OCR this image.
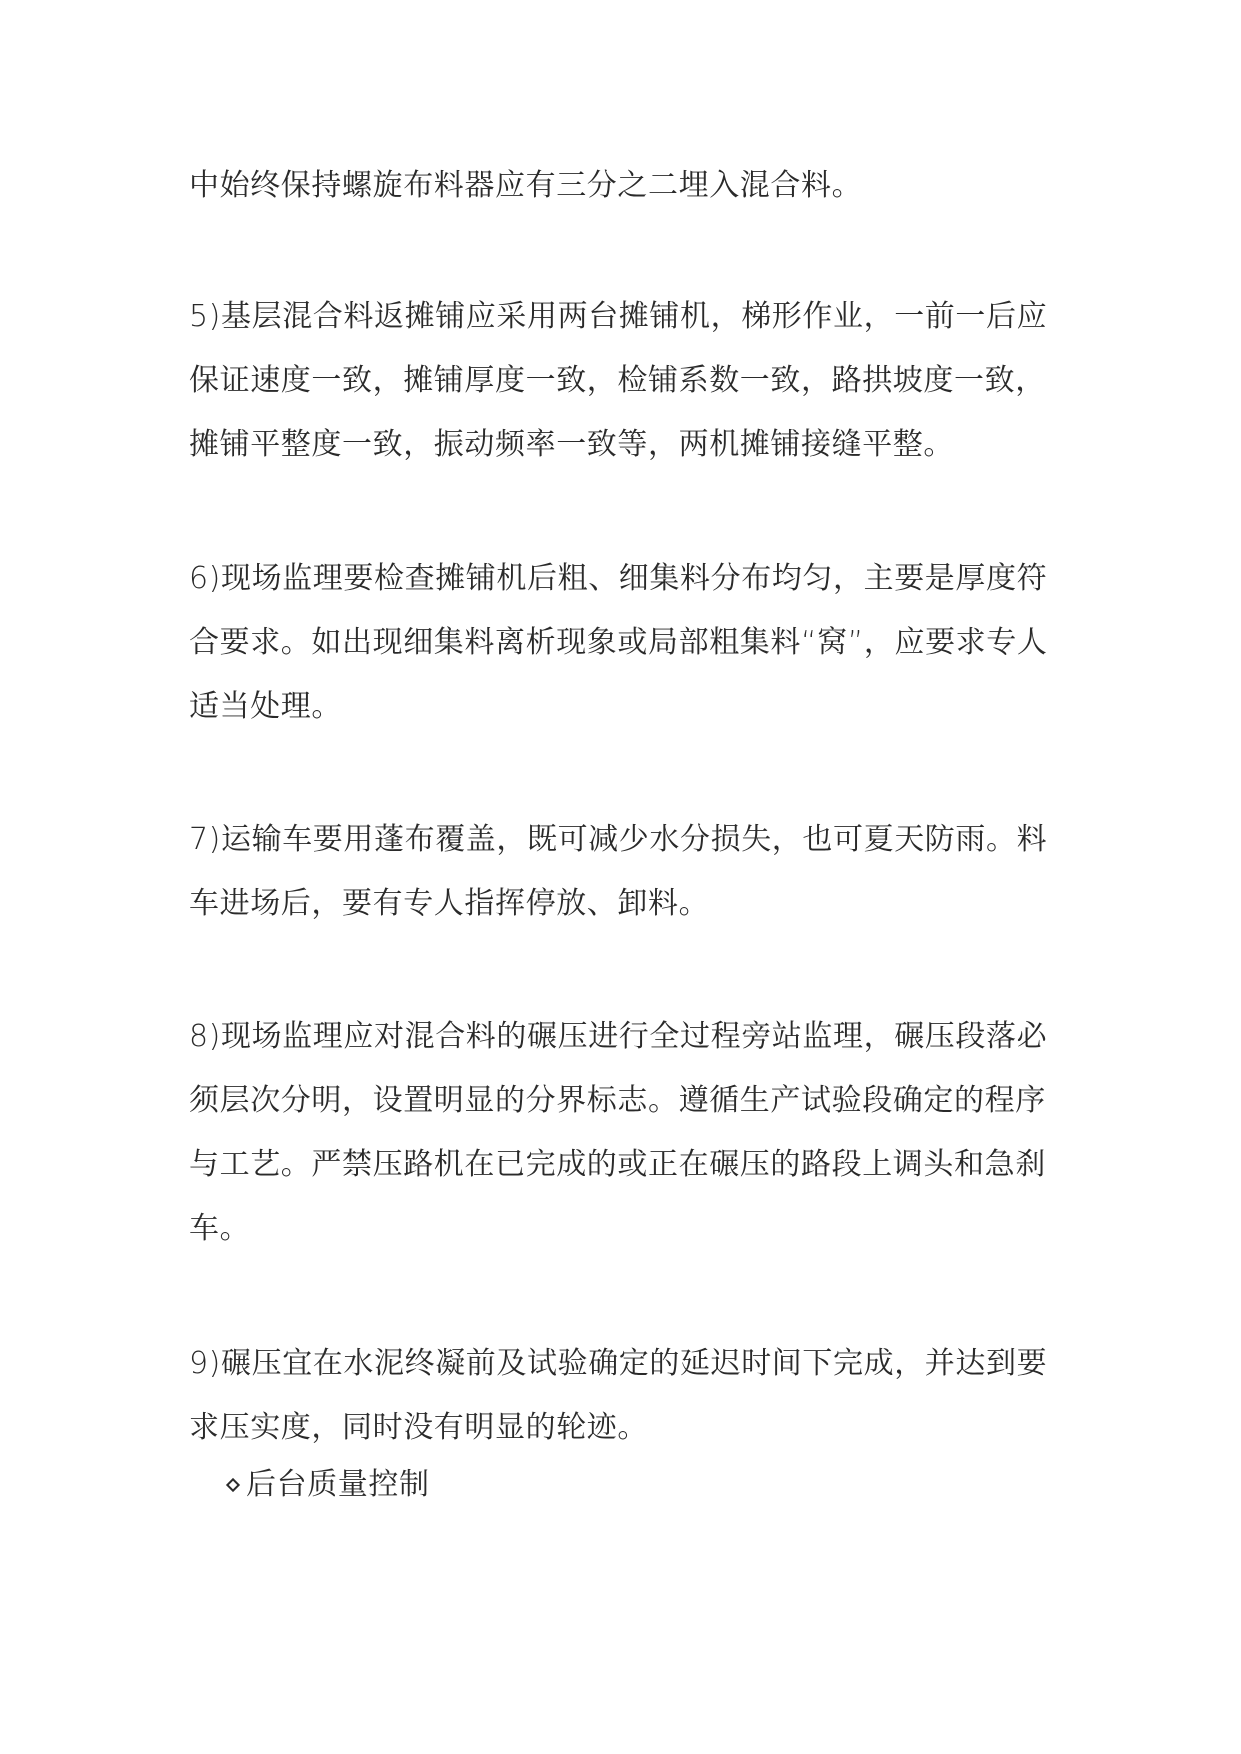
中始终保持螺旋布料器应有三分之二埋入混合料。

5)基层混合料返摊铺应采用两台摊铺机，梯形作业，一前一后应保证速度一致，摊铺厚度一致，检铺系数一致，路拱坡度一致，摊铺平整度一致，振动频率一致等，两机摊铺接缝平整。

6)现场监理要检查摊铺机后粗、细集料分布均匀，主要是厚度符合要求。如出现细集料离析现象或局部粗集料“窝”，应要求专人适当处理。

7)运输车要用蓬布覆盖，既可减少水分损失，也可夏天防雨。料车进场后，要有专人指挥停放、卸料。

8)现场监理应对混合料的碾压进行全过程旁站监理，碾压段落必须层次分明，设置明显的分界标志。遵循生产试验段确定的程序与工艺。严禁压路机在已完成的或正在碾压的路段上调头和急刹车。

9)碾压宜在水泥终凝前及试验确定的延迟时间下完成，并达到要求压实度，同时没有明显的轮迹。

后台质量控制
